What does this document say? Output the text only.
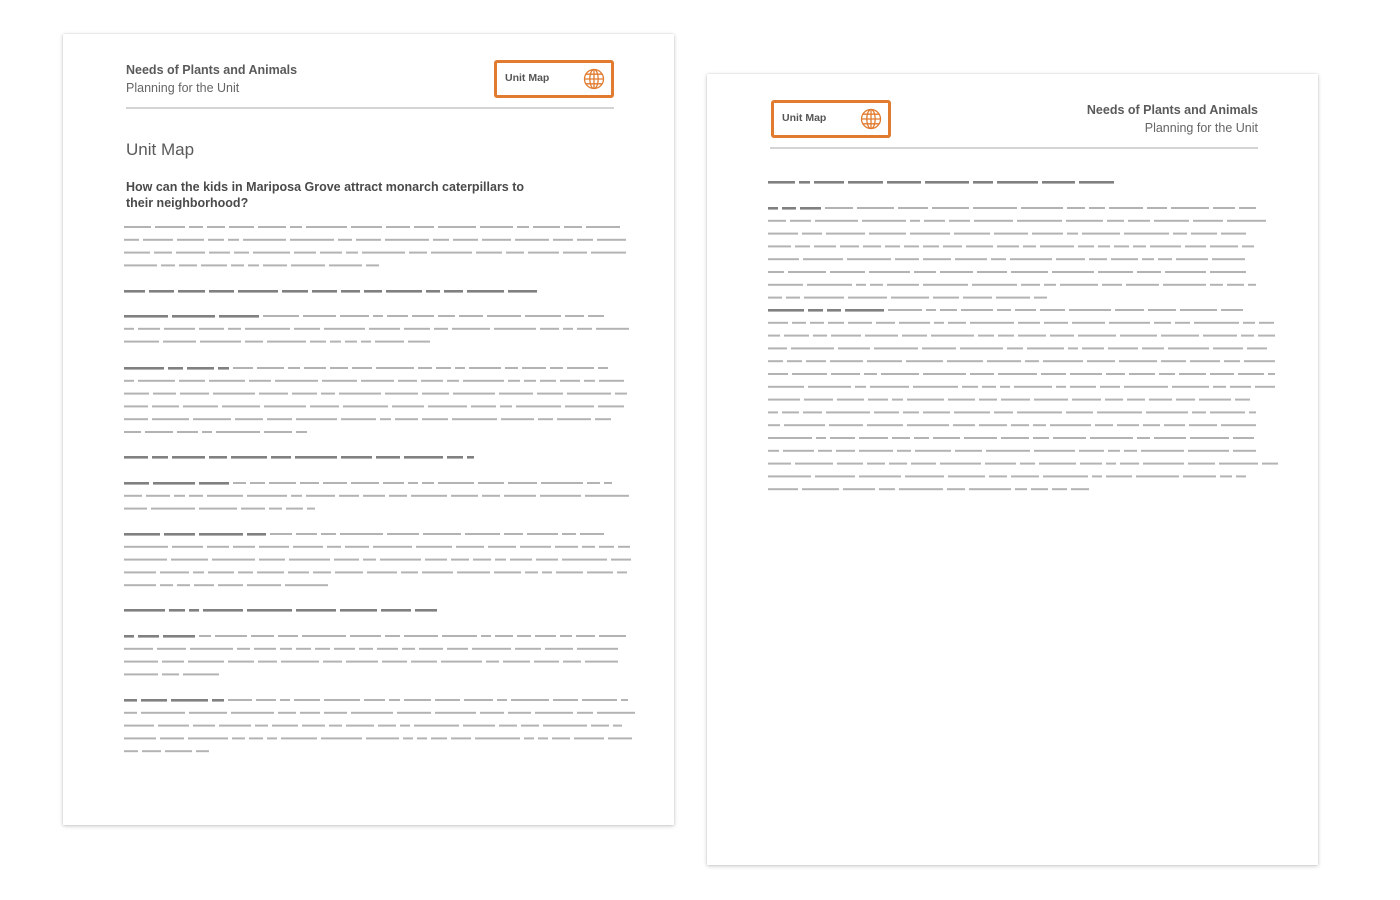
Needs of Plants and Animals
Planning for the Unit
Unit Map
Unit Map
How can the kids in Mariposa Grove attract monarch caterpillars to their neighborhood?
Unit Map
Needs of Plants and Animals
Planning for the Unit
